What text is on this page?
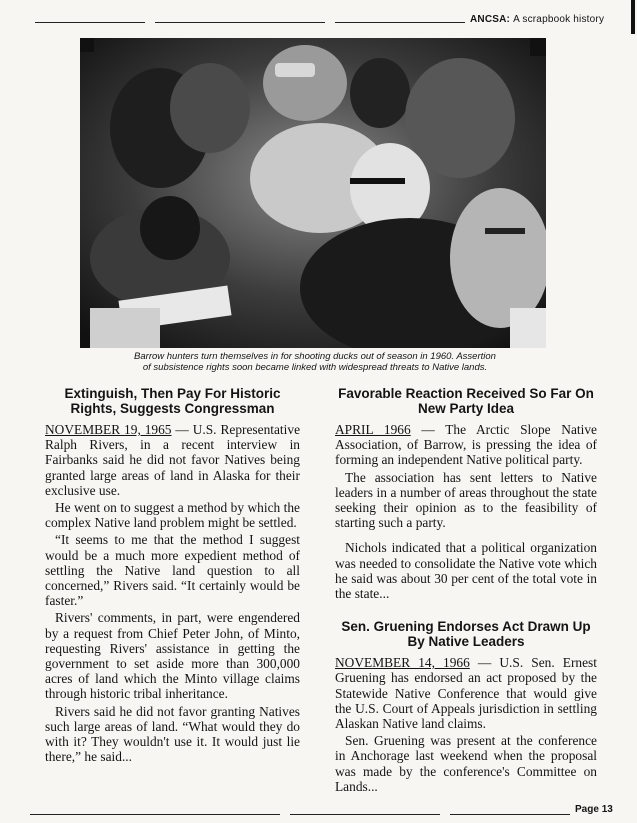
ANCSA: A scrapbook history
Barrow hunters turn themselves in for shooting ducks out of season in 1960. Assertion
of subsistence rights soon became linked with widespread threats to Native lands.
Extinguish, Then Pay For Historic Rights, Suggests Congressman

NOVEMBER 19, 1965 — U.S. Representative Ralph Rivers, in a recent interview in Fairbanks said he did not favor Natives being granted large areas of land in Alaska for their exclusive use.

He went on to suggest a method by which the complex Native land problem might be settled.

“It seems to me that the method I suggest would be a much more expedient method of settling the Native land question to all concerned,” Rivers said. “It certainly would be faster.”

Rivers' comments, in part, were engendered by a request from Chief Peter John, of Minto, requesting Rivers' assistance in getting the government to set aside more than 300,000 acres of land which the Minto village claims through historic tribal inheritance.

Rivers said he did not favor granting Natives such large areas of land. “What would they do with it? They wouldn't use it. It would just lie there,” he said...

Favorable Reaction Received So Far On New Party Idea

APRIL 1966 — The Arctic Slope Native Association, of Barrow, is pressing the idea of forming an independent Native political party.

The association has sent letters to Native leaders in a number of areas throughout the state seeking their opinion as to the feasibility of starting such a party.

Nichols indicated that a political organization was needed to consolidate the Native vote which he said was about 30 per cent of the total vote in the state...

Sen. Gruening Endorses Act Drawn Up By Native Leaders

NOVEMBER 14, 1966 — U.S. Sen. Ernest Gruening has endorsed an act proposed by the Statewide Native Conference that would give the U.S. Court of Appeals jurisdiction in settling Alaskan Native land claims.

Sen. Gruening was present at the conference in Anchorage last weekend when the proposal was made by the conference's Committee on Lands...

Page 13
